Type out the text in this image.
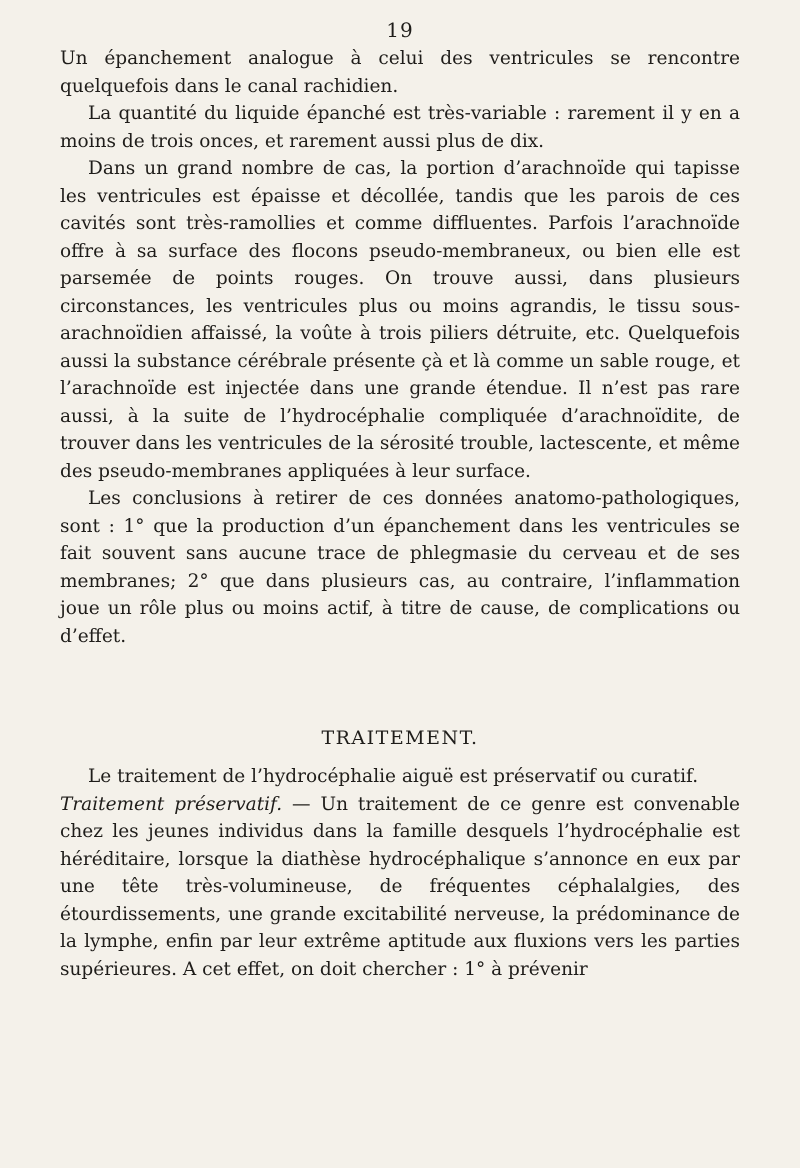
19

Un épanchement analogue à celui des ventricules se rencontre quelquefois dans le canal rachidien.

La quantité du liquide épanché est très-variable : rarement il y en a moins de trois onces, et rarement aussi plus de dix.

Dans un grand nombre de cas, la portion d’arachnoïde qui tapisse les ventricules est épaisse et décollée, tandis que les parois de ces cavités sont très-ramollies et comme diffluentes. Parfois l’arachnoïde offre à sa surface des flocons pseudo-membraneux, ou bien elle est parsemée de points rouges. On trouve aussi, dans plusieurs circonstances, les ventricules plus ou moins agrandis, le tissu sous-arachnoïdien affaissé, la voûte à trois piliers détruite, etc. Quelquefois aussi la substance cérébrale présente çà et là comme un sable rouge, et l’arachnoïde est injectée dans une grande étendue. Il n’est pas rare aussi, à la suite de l’hydrocéphalie compliquée d’arachnoïdite, de trouver dans les ventricules de la sérosité trouble, lactescente, et même des pseudo-membranes appliquées à leur surface.

Les conclusions à retirer de ces données anatomo-pathologiques, sont : 1° que la production d’un épanchement dans les ventricules se fait souvent sans aucune trace de phlegmasie du cerveau et de ses membranes; 2° que dans plusieurs cas, au contraire, l’inflammation joue un rôle plus ou moins actif, à titre de cause, de complications ou d’effet.

TRAITEMENT.

Le traitement de l’hydrocéphalie aiguë est préservatif ou curatif.

Traitement préservatif. — Un traitement de ce genre est convenable chez les jeunes individus dans la famille desquels l’hydrocéphalie est héréditaire, lorsque la diathèse hydrocéphalique s’annonce en eux par une tête très-volumineuse, de fréquentes céphalalgies, des étourdissements, une grande excitabilité nerveuse, la prédominance de la lymphe, enfin par leur extrême aptitude aux fluxions vers les parties supérieures. A cet effet, on doit chercher : 1° à prévenir
